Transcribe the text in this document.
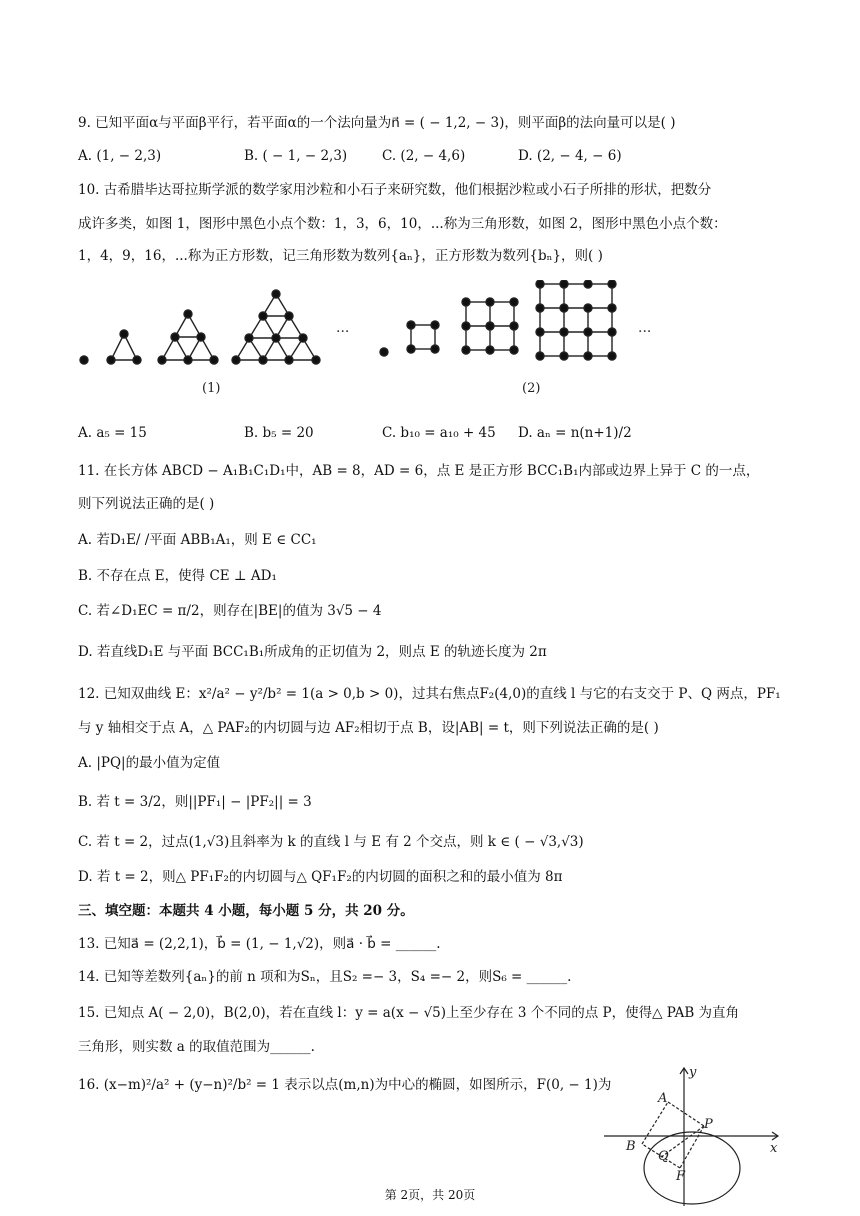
9. 已知平面α与平面β平行，若平面α的一个法向量为n⃗ = ( − 1,2, − 3)，则平面β的法向量可以是( )
A. (1, − 2,3)	B. ( − 1, − 2,3)	C. (2, − 4,6)	D. (2, − 4, − 6)
10. 古希腊毕达哥拉斯学派的数学家用沙粒和小石子来研究数，他们根据沙粒或小石子所排的形状，把数分
成许多类，如图 1，图形中黑色小点个数：1，3，6，10，...称为三角形数，如图 2，图形中黑色小点个数：
1，4，9，16，...称为正方形数，记三角形数为数列{aₙ}，正方形数为数列{bₙ}，则( )
···	···
(1)	(2)
A. a₅ = 15	B. b₅ = 20	C. b₁₀ = a₁₀ + 45 D. aₙ = n(n+1)/2
11. 在长方体 ABCD − A₁B₁C₁D₁中，AB = 8，AD = 6，点 E 是正方形 BCC₁B₁内部或边界上异于 C 的一点，
则下列说法正确的是( )
A. 若D₁E/ /平面 ABB₁A₁，则 E ∈ CC₁
B. 不存在点 E，使得 CE ⊥ AD₁
C. 若∠D₁EC = π/2，则存在|BE|的值为 3√5 − 4
D. 若直线D₁E 与平面 BCC₁B₁所成角的正切值为 2，则点 E 的轨迹长度为 2π
12. 已知双曲线 E：x²/a² − y²/b² = 1(a > 0,b > 0)，过其右焦点F₂(4,0)的直线 l 与它的右支交于 P、Q 两点，PF₁
与 y 轴相交于点 A，△ PAF₂的内切圆与边 AF₂相切于点 B，设|AB| = t，则下列说法正确的是( )
A. |PQ|的最小值为定值
B. 若 t = 3/2，则||PF₁| − |PF₂|| = 3
C. 若 t = 2，过点(1,√3)且斜率为 k 的直线 l 与 E 有 2 个交点，则 k ∈ ( − √3,√3)
D. 若 t = 2，则△ PF₁F₂的内切圆与△ QF₁F₂的内切圆的面积之和的最小值为 8π
三、填空题：本题共 4 小题，每小题 5 分，共 20 分。
13. 已知a⃗ = (2,2,1)，b⃗ = (1, − 1,√2)，则a⃗ · b⃗ = ______.
14. 已知等差数列{aₙ}的前 n 项和为Sₙ，且S₂ =− 3，S₄ =− 2，则S₆ = ______.
15. 已知点 A( − 2,0)，B(2,0)，若在直线 l：y = a(x − √5)上至少存在 3 个不同的点 P，使得△ PAB 为直角
三角形，则实数 a 的取值范围为______.
16. (x−m)²/a² + (y−n)²/b² = 1 表示以点(m,n)为中心的椭圆，如图所示，F(0, − 1)为
y
x
A
P
B
Q
F
第 2页，共 20页
